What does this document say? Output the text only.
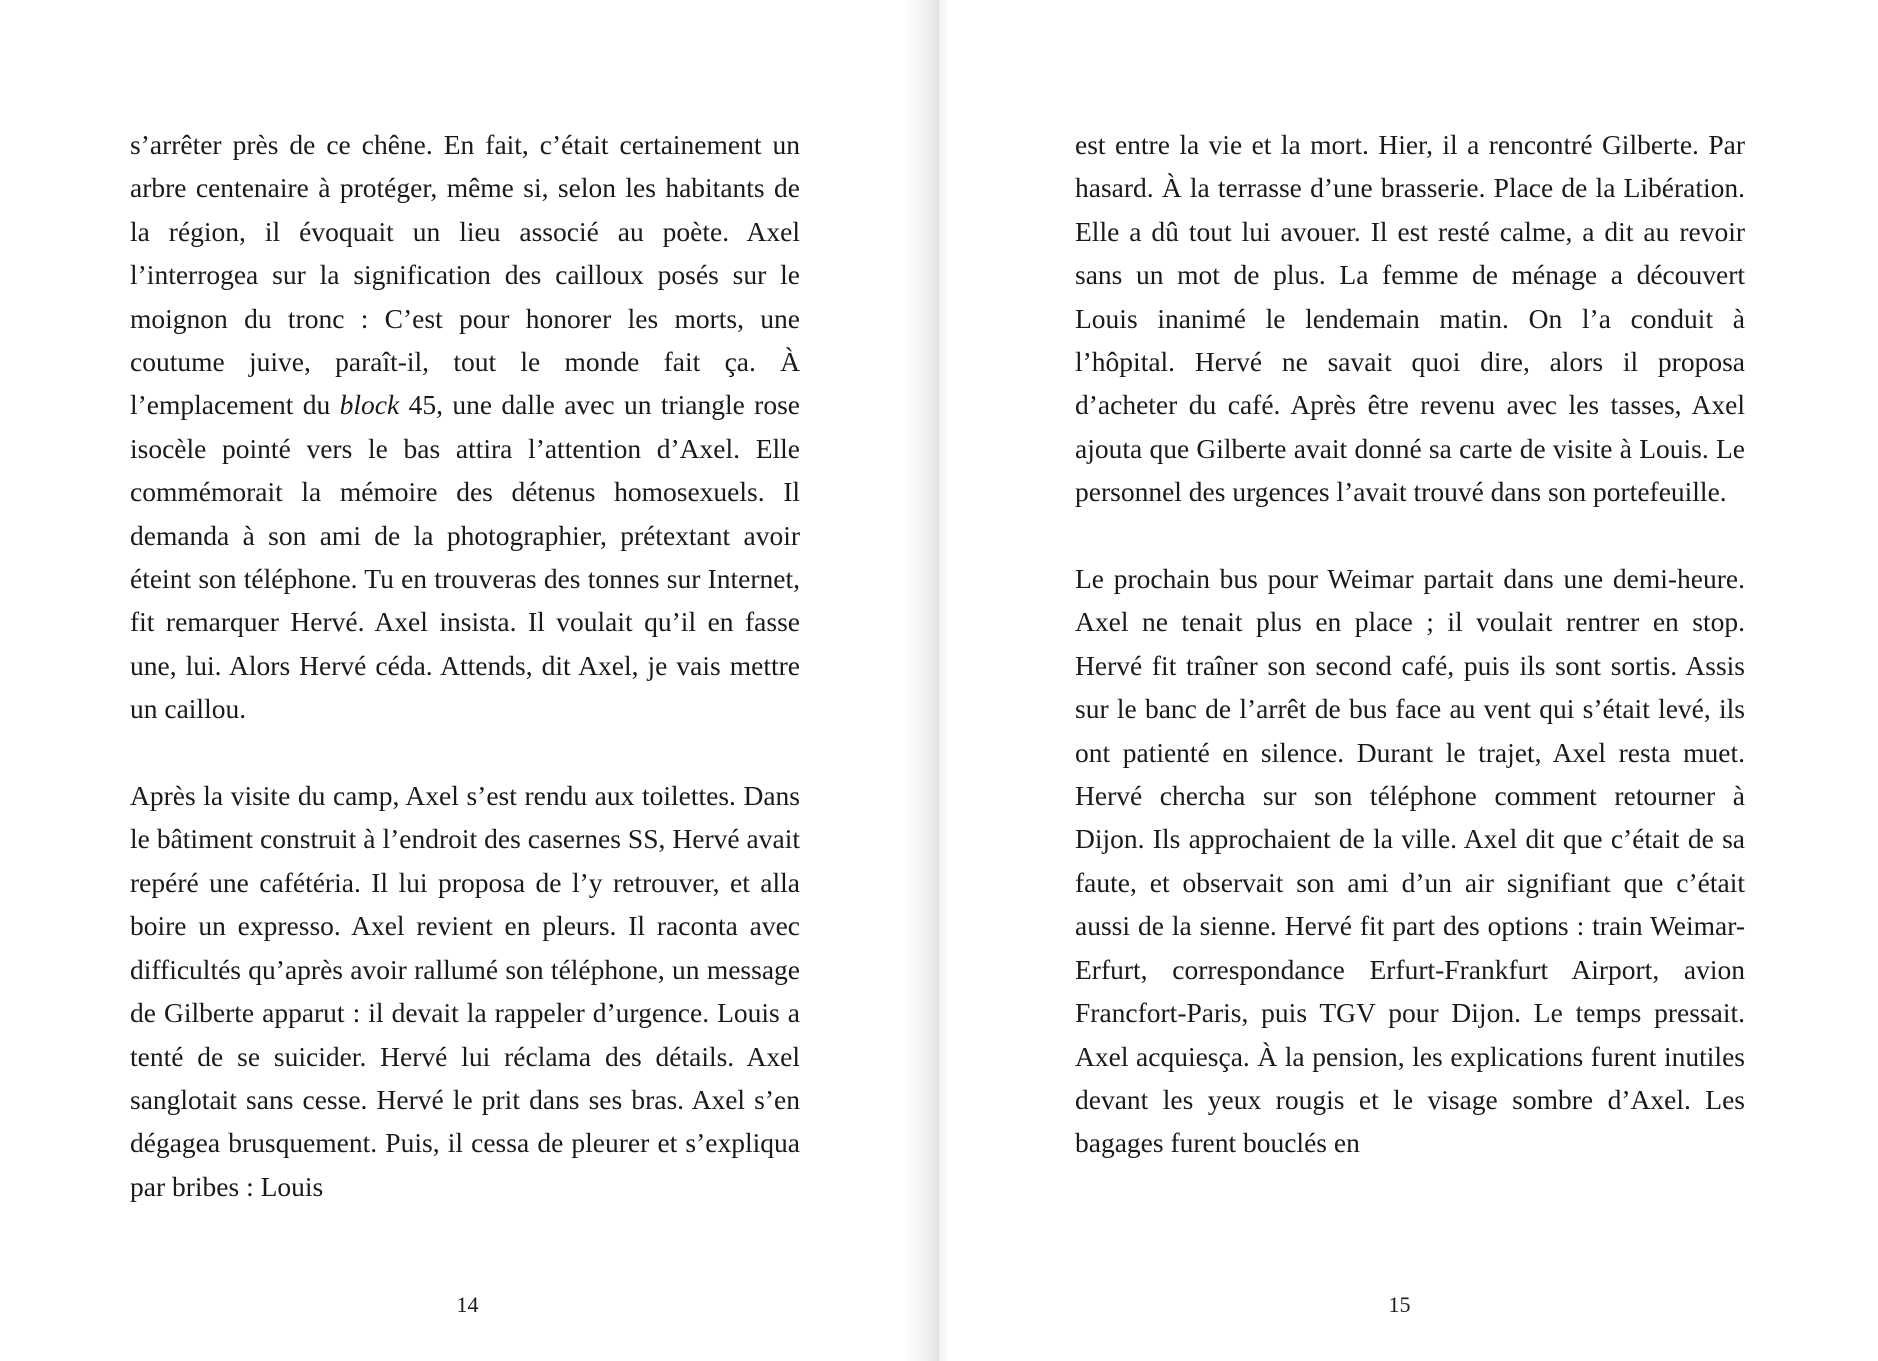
s’arrêter près de ce chêne. En fait, c’était certainement un arbre centenaire à protéger, même si, selon les habitants de la région, il évoquait un lieu associé au poète. Axel l’interrogea sur la signification des cailloux posés sur le moignon du tronc : C’est pour honorer les morts, une coutume juive, paraît-il, tout le monde fait ça. À l’emplacement du block 45, une dalle avec un triangle rose isocèle pointé vers le bas attira l’attention d’Axel. Elle commémorait la mémoire des détenus homosexuels. Il demanda à son ami de la photographier, prétextant avoir éteint son téléphone. Tu en trouveras des tonnes sur Internet, fit remarquer Hervé. Axel insista. Il voulait qu’il en fasse une, lui. Alors Hervé céda. Attends, dit Axel, je vais mettre un caillou.

Après la visite du camp, Axel s’est rendu aux toilettes. Dans le bâtiment construit à l’endroit des casernes SS, Hervé avait repéré une cafétéria. Il lui proposa de l’y retrouver, et alla boire un expresso. Axel revient en pleurs. Il raconta avec difficultés qu’après avoir rallumé son téléphone, un message de Gilberte apparut : il devait la rappeler d’urgence. Louis a tenté de se suicider. Hervé lui réclama des détails. Axel sanglotait sans cesse. Hervé le prit dans ses bras. Axel s’en dégagea brusquement. Puis, il cessa de pleurer et s’expliqua par bribes : Louis

14

est entre la vie et la mort. Hier, il a rencontré Gilberte. Par hasard. À la terrasse d’une brasserie. Place de la Libération. Elle a dû tout lui avouer. Il est resté calme, a dit au revoir sans un mot de plus. La femme de ménage a découvert Louis inanimé le lendemain matin. On l’a conduit à l’hôpital. Hervé ne savait quoi dire, alors il proposa d’acheter du café. Après être revenu avec les tasses, Axel ajouta que Gilberte avait donné sa carte de visite à Louis. Le personnel des urgences l’avait trouvé dans son portefeuille.

Le prochain bus pour Weimar partait dans une demi-heure. Axel ne tenait plus en place ; il voulait rentrer en stop. Hervé fit traîner son second café, puis ils sont sortis. Assis sur le banc de l’arrêt de bus face au vent qui s’était levé, ils ont patienté en silence. Durant le trajet, Axel resta muet. Hervé chercha sur son téléphone comment retourner à Dijon. Ils approchaient de la ville. Axel dit que c’était de sa faute, et observait son ami d’un air signifiant que c’était aussi de la sienne. Hervé fit part des options : train Weimar-Erfurt, correspondance Erfurt-Frankfurt Airport, avion Francfort-Paris, puis TGV pour Dijon. Le temps pressait. Axel acquiesça. À la pension, les explications furent inutiles devant les yeux rougis et le visage sombre d’Axel. Les bagages furent bouclés en

15
